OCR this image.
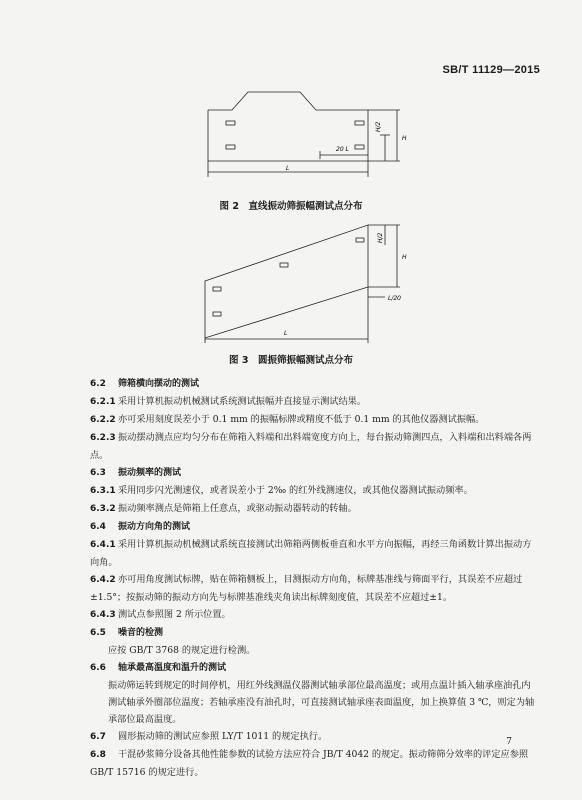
SB/T 11129—2015
H/2
H
20 L
L
图 2　直线振动筛振幅测试点分布
H/2
H
L/20
L
图 3　圆振筛振幅测试点分布
6.2 筛箱横向摆动的测试
6.2.1 采用计算机振动机械测试系统测试振幅并直接显示测试结果。
6.2.2 亦可采用刻度误差小于 0.1 mm 的振幅标牌或精度不低于 0.1 mm 的其他仪器测试振幅。
6.2.3 振动摆动测点应均匀分布在筛箱入料端和出料端宽度方向上，每台振动筛测四点，入料端和出料端各两点。
6.3 振动频率的测试
6.3.1 采用同步闪光测速仪，或者误差小于 2‰ 的红外线测速仪，或其他仪器测试振动频率。
6.3.2 振动频率测点是筛箱上任意点，或驱动振动器转动的转轴。
6.4 振动方向角的测试
6.4.1 采用计算机振动机械测试系统直接测试出筛箱两侧板垂直和水平方向振幅，再经三角函数计算出振动方向角。
6.4.2 亦可用角度测试标牌，贴在筛箱侧板上，目测振动方向角，标牌基准线与筛面平行，其误差不应超过±1.5°；按振动筛的振动方向先与标牌基准线夹角读出标牌刻度值，其误差不应超过±1。
6.4.3 测试点参照图 2 所示位置。
6.5 噪音的检测
应按 GB/T 3768 的规定进行检测。
6.6 轴承最高温度和温升的测试
振动筛运转到规定的时间停机，用红外线测温仪器测试轴承部位最高温度；或用点温计插入轴承座油孔内测试轴承外圈部位温度；若轴承座没有油孔时，可直接测试轴承座表面温度，加上换算值 3 ℃，则定为轴承部位最高温度。
6.7 圆形振动筛的测试应参照 LY/T 1011 的规定执行。
6.8 干混砂浆筛分设备其他性能参数的试验方法应符合 JB/T 4042 的规定。振动筛筛分效率的评定应参照 GB/T 15716 的规定进行。
7
